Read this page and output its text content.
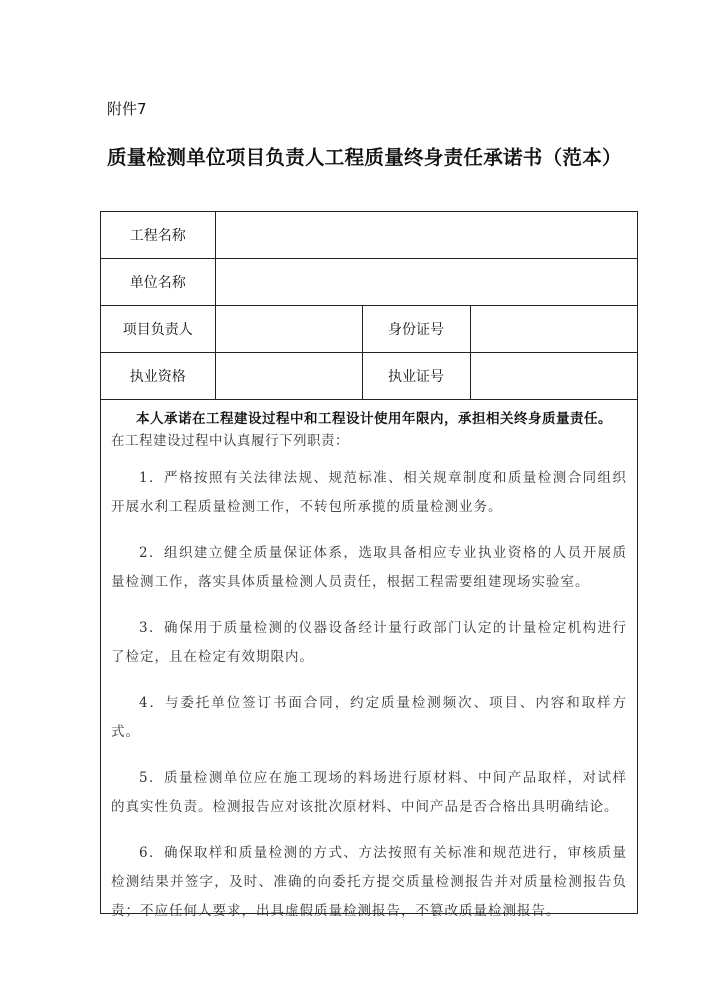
附件7
质量检测单位项目负责人工程质量终身责任承诺书（范本）
工程名称			
单位名称			
项目负责人		身份证号	
执业资格		执业证号	

本人承诺在工程建设过程中和工程设计使用年限内，承担相关终身质量责任。

在工程建设过程中认真履行下列职责：

1．严格按照有关法律法规、规范标准、相关规章制度和质量检测合同组织开展水利工程质量检测工作，不转包所承揽的质量检测业务。

2．组织建立健全质量保证体系，选取具备相应专业执业资格的人员开展质量检测工作，落实具体质量检测人员责任，根据工程需要组建现场实验室。

3．确保用于质量检测的仪器设备经计量行政部门认定的计量检定机构进行了检定，且在检定有效期限内。

4．与委托单位签订书面合同，约定质量检测频次、项目、内容和取样方式。

5．质量检测单位应在施工现场的料场进行原材料、中间产品取样，对试样的真实性负责。检测报告应对该批次原材料、中间产品是否合格出具明确结论。

6．确保取样和质量检测的方式、方法按照有关标准和规范进行，审核质量检测结果并签字，及时、准确的向委托方提交质量检测报告并对质量检测报告负责；不应任何人要求，出具虚假质量检测报告，不篡改质量检测报告。
